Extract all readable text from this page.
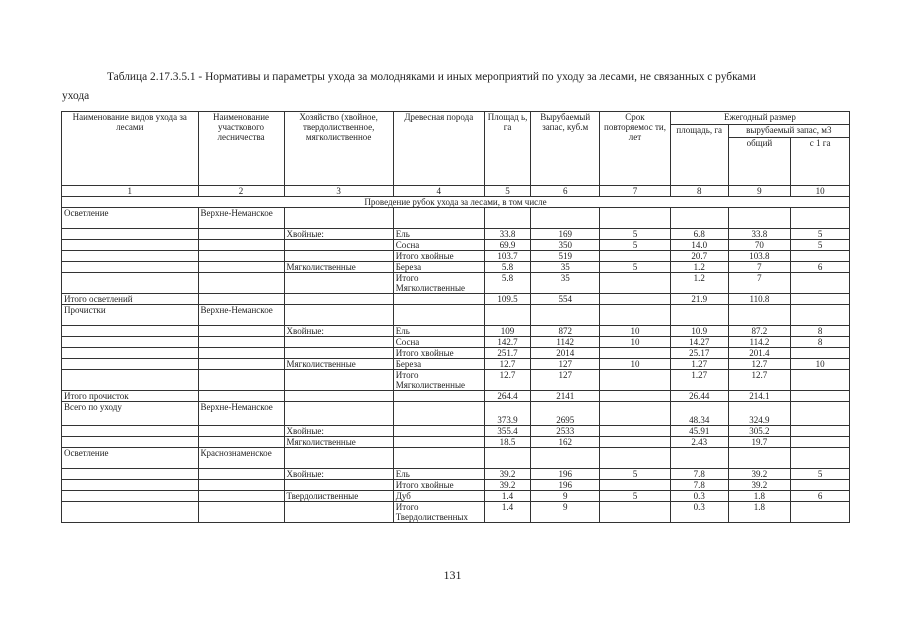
Таблица 2.17.3.5.1 - Нормативы и параметры ухода за молодняками и иных мероприятий по уходу за лесами, не связанных с рубками
ухода
Наименование видов ухода за лесами	Наименование участкового лесничества	Хозяйство (хвойное, твердолиственное, мягколиственное	Древесная порода	Площад ь, га	Вырубаемый запас, куб.м	Срок повторяемос ти, лет	Ежегодный размер		
							площадь, га	вырубаемый запас, м3	
								общий	с 1 га
1	2	3	4	5	6	7	8	9	10
Проведение рубок ухода за лесами, в том числе									
Осветление	Верхне-Неманское								
		Хвойные:	Ель	33.8	169	5	6.8	33.8	5
			Сосна	69.9	350	5	14.0	70	5
			Итого хвойные	103.7	519		20.7	103.8	
		Мягколиственные	Береза	5.8	35	5	1.2	7	6
			Итого Мягколиственные	5.8	35		1.2	7	
Итого осветлений				109.5	554		21.9	110.8	
Прочистки	Верхне-Неманское								
		Хвойные:	Ель	109	872	10	10.9	87.2	8
			Сосна	142.7	1142	10	14.27	114.2	8
			Итого хвойные	251.7	2014		25.17	201.4	
		Мягколиственные	Береза	12.7	127	10	1.27	12.7	10
			Итого Мягколиственные	12.7	127		1.27	12.7	
Итого прочисток				264.4	2141		26.44	214.1	
Всего по уходу	Верхне-Неманское			373.9	2695		48.34	324.9	
		Хвойные:		355.4	2533		45.91	305.2	
		Мягколиственные		18.5	162		2.43	19.7	
Осветление	Краснознаменское								
		Хвойные:	Ель	39.2	196	5	7.8	39.2	5
			Итого хвойные	39.2	196		7.8	39.2	
		Твердолиственные	Дуб	1.4	9	5	0.3	1.8	6
			Итого Твердолиственных	1.4	9		0.3	1.8	
131
